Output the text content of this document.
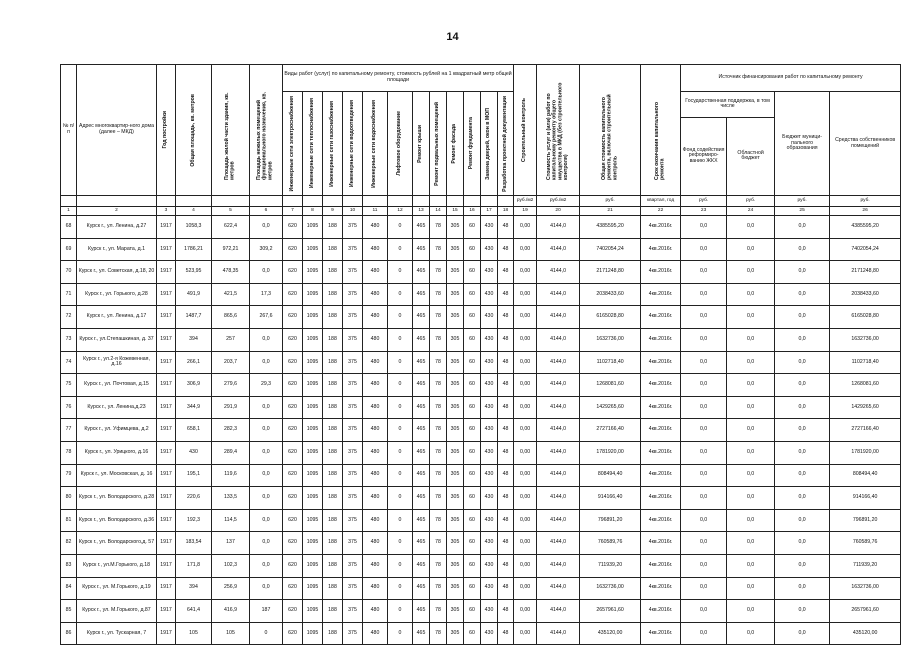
14
№ п/п	Адрес многоквартир-ного дома (далее – МКД)	Год постройки	Общая площадь, кв. метров	Площадь жилой части здания, кв. метров	Площадь нежилых помещений функционального назначения, кв. метров	Виды работ (услуг) по капитальному ремонту, стоимость рублей на 1 квадратный метр общей площади												Строительный контроль	Стоимость услуг и (или) работ по капитальному ремонту общего имущества в МКД (без строительного контроля)	Общая стоимость капитального ремонта, включая строительный контроль	Срок окончания капитального ремонта	Источник финансирования работ по капитальному ремонту			

						Инженерные сети электроснабжения	Инженерные сети теплоснабжения	Инженерные сети газоснабжения	Инженерные сети водоотведения	Инженерные сети водоснабжения	Лифтовое оборудование	Ремонт крыши	Ремонт подвальных помещений	Ремонт фасада	Ремонт фундамента	Замена дверей, окон в МОП	Разработка проектной документации					Государственная поддержка, в том числе		Бюджет муници-пального образования	Средства собственников помещений
																						Фонд содействия реформиро-ванию ЖКХ	Областной бюджет		
																		руб./м2	руб./м2	руб.	квартал, год	руб.	руб.	руб.	руб.
1	2	3	4	5	6	7	8	9	10	11	12	13	14	15	16	17	18	19	20	21	22	23	24	25	26
68	Курск г., ул. Ленина, д.27	1917	1058,3	622,4	0,0	620	1095	188	375	480	0	465	78	305	60	430	48	0,00	4144,0	4385595,20	4кв.2016г.	0,0	0,0	0,0	4385595,20
69	Курск г., ул. Марата, д.1	1917	1786,21	972,21	309,2	620	1095	188	375	480	0	465	78	305	60	430	48	0,00	4144,0	7402054,24	4кв.2016г.	0,0	0,0	0,0	7402054,24
70	Курск г., ул. Советская, д.18, 20	1917	523,95	478,35	0,0	620	1095	188	375	480	0	465	78	305	60	430	48	0,00	4144,0	2171248,80	4кв.2016г.	0,0	0,0	0,0	2171248,80
71	Курск г., ул. Горького, д.28	1917	491,9	421,5	17,3	620	1095	188	375	480	0	465	78	305	60	430	48	0,00	4144,0	2038433,60	4кв.2016г.	0,0	0,0	0,0	2038433,60
72	Курск г., ул. Ленина, д.17	1917	1487,7	865,6	267,6	620	1095	188	375	480	0	465	78	305	60	430	48	0,00	4144,0	6165028,80	4кв.2016г.	0,0	0,0	0,0	6165028,80
73	Курск г., ул.Степашкиная, д. 37	1917	394	257	0,0	620	1095	188	375	480	0	465	78	305	60	430	48	0,00	4144,0	1632736,00	4кв.2016г.	0,0	0,0	0,0	1632736,00
74	Курск г., ул.2-я Кожевенная, д.16	1917	266,1	203,7	0,0	620	1095	188	375	480	0	465	78	305	60	430	48	0,00	4144,0	1102718,40	4кв.2016г.	0,0	0,0	0,0	1102718,40
75	Курск г., ул. Почтовая, д.15	1917	306,9	279,6	29,3	620	1095	188	375	480	0	465	78	305	60	430	48	0,00	4144,0	1268081,60	4кв.2016г.	0,0	0,0	0,0	1268081,60
76	Курск г., ул. Ленина,д.23	1917	344,9	291,9	0,0	620	1095	188	375	480	0	465	78	305	60	430	48	0,00	4144,0	1429265,60	4кв.2016г.	0,0	0,0	0,0	1429265,60
77	Курск г., ул. Уфимцева, д.2	1917	658,1	282,3	0,0	620	1095	188	375	480	0	465	78	305	60	430	48	0,00	4144,0	2727166,40	4кв.2016г.	0,0	0,0	0,0	2727166,40
78	Курск г., ул. Урицкого, д.16	1917	430	289,4	0,0	620	1095	188	375	480	0	465	78	305	60	430	48	0,00	4144,0	1781920,00	4кв.2016г.	0,0	0,0	0,0	1781920,00
79	Курск г., ул. Московская, д. 16	1917	195,1	119,6	0,0	620	1095	188	375	480	0	465	78	305	60	430	48	0,00	4144,0	808494,40	4кв.2016г.	0,0	0,0	0,0	808494,40
80	Курск г., ул. Володарского, д.28	1917	220,6	133,5	0,0	620	1095	188	375	480	0	465	78	305	60	430	48	0,00	4144,0	914166,40	4кв.2016г.	0,0	0,0	0,0	914166,40
81	Курск г., ул. Володарского, д.36	1917	192,3	114,5	0,0	620	1095	188	375	480	0	465	78	305	60	430	48	0,00	4144,0	796891,20	4кв.2016г.	0,0	0,0	0,0	796891,20
82	Курск г., ул. Володарского,д. 57	1917	183,54	137	0,0	620	1095	188	375	480	0	465	78	305	60	430	48	0,00	4144,0	760589,76	4кв.2016г.	0,0	0,0	0,0	760589,76
83	Курск г., ул.М.Горького, д.18	1917	171,8	102,3	0,0	620	1095	188	375	480	0	465	78	305	60	430	48	0,00	4144,0	711939,20	4кв.2016г.	0,0	0,0	0,0	711939,20
84	Курск г., ул. М.Горького, д.19	1917	394	256,9	0,0	620	1095	188	375	480	0	465	78	305	60	430	48	0,00	4144,0	1632736,00	4кв.2016г.	0,0	0,0	0,0	1632736,00
85	Курск г., ул. М.Горького, д.87	1917	641,4	416,9	187	620	1095	188	375	480	0	465	78	305	60	430	48	0,00	4144,0	2657961,60	4кв.2016г.	0,0	0,0	0,0	2657961,60
86	Курск г., ул. Тускарная, 7	1917	105	105	0	620	1095	188	375	480	0	465	78	305	60	430	48	0,00	4144,0	435120,00	4кв.2016г.	0,0	0,0	0,0	435120,00
